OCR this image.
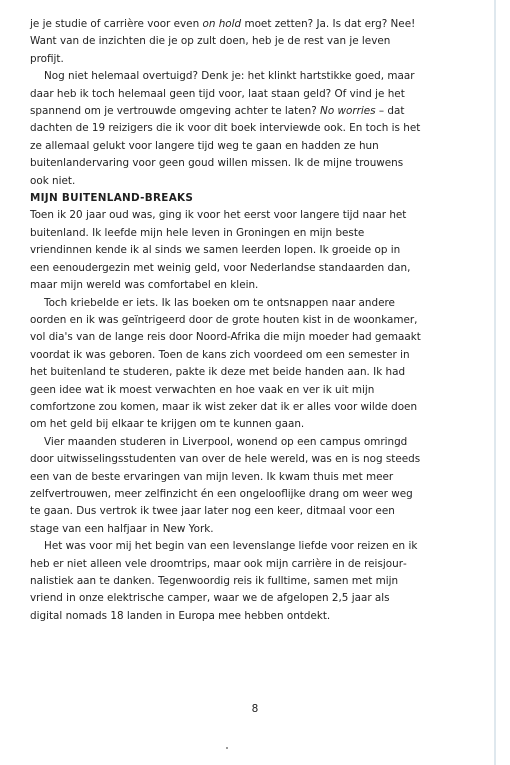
je je studie of carrière voor even on hold moet zetten? Ja. Is dat erg? Nee! Want van de inzichten die je op zult doen, heb je de rest van je leven profijt.

Nog niet helemaal overtuigd? Denk je: het klinkt hartstikke goed, maar daar heb ik toch helemaal geen tijd voor, laat staan geld? Of vind je het spannend om je vertrouwde omgeving achter te laten? No worries – dat dachten de 19 reizigers die ik voor dit boek interviewde ook. En toch is het ze allemaal gelukt voor langere tijd weg te gaan en hadden ze hun buitenlandervaring voor geen goud willen missen. Ik de mijne trouwens ook niet.

MIJN BUITENLAND-BREAKS

Toen ik 20 jaar oud was, ging ik voor het eerst voor langere tijd naar het buitenland. Ik leefde mijn hele leven in Groningen en mijn beste vriendinnen kende ik al sinds we samen leerden lopen. Ik groeide op in een eenoudergezin met weinig geld, voor Nederlandse standaarden dan, maar mijn wereld was comfortabel en klein.

Toch kriebelde er iets. Ik las boeken om te ontsnappen naar andere oorden en ik was geïntrigeerd door de grote houten kist in de woonkamer, vol dia's van de lange reis door Noord-Afrika die mijn moeder had gemaakt voordat ik was geboren. Toen de kans zich voordeed om een semester in het buitenland te studeren, pakte ik deze met beide handen aan. Ik had geen idee wat ik moest verwachten en hoe vaak en ver ik uit mijn comfortzone zou komen, maar ik wist zeker dat ik er alles voor wilde doen om het geld bij elkaar te krijgen om te kunnen gaan.

Vier maanden studeren in Liverpool, wonend op een campus omringd door uitwisselingsstudenten van over de hele wereld, was en is nog steeds een van de beste ervaringen van mijn leven. Ik kwam thuis met meer zelfvertrouwen, meer zelfinzicht én een ongelooflijke drang om weer weg te gaan. Dus vertrok ik twee jaar later nog een keer, ditmaal voor een stage van een halfjaar in New York.

Het was voor mij het begin van een levenslange liefde voor reizen en ik heb er niet alleen vele droomtrips, maar ook mijn carrière in de reisjournalistiek aan te danken. Tegenwoordig reis ik fulltime, samen met mijn vriend in onze elektrische camper, waar we de afgelopen 2,5 jaar als digital nomads 18 landen in Europa mee hebben ontdekt.

8
